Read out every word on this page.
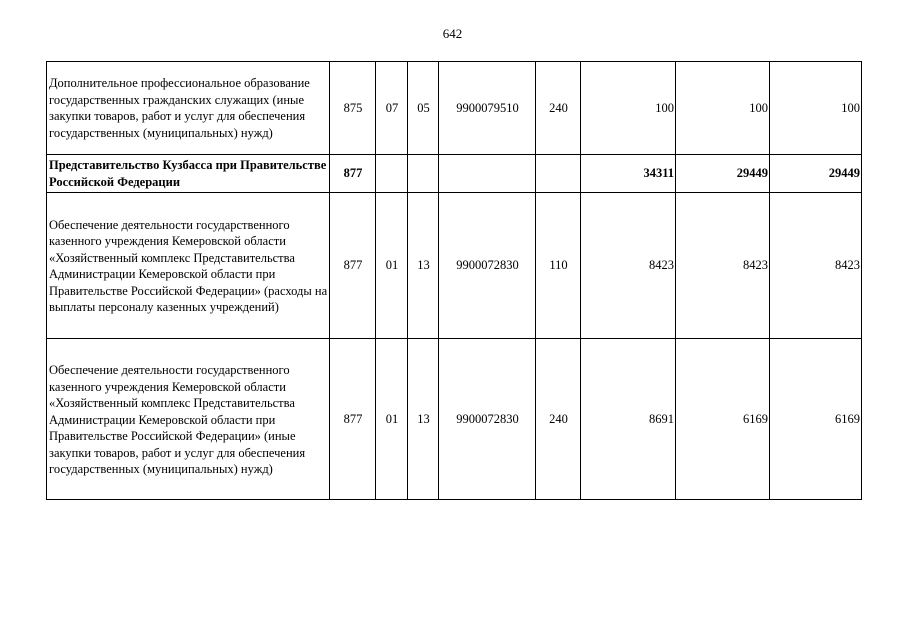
642
Дополнительное профессиональное образование государственных гражданских служащих (иные закупки товаров, работ и услуг для обеспечения государственных (муниципальных) нужд)	875	07	05	9900079510	240	100	100	100
Представительство Кузбасса при Правительстве Российской Федерации	877					34311	29449	29449
Обеспечение деятельности государственного казенного учреждения Кемеровской области «Хозяйственный комплекс Представительства Администрации Кемеровской области при Правительстве Российской Федерации» (расходы на выплаты персоналу казенных учреждений)	877	01	13	9900072830	110	8423	8423	8423
Обеспечение деятельности государственного казенного учреждения Кемеровской области «Хозяйственный комплекс Представительства Администрации Кемеровской области при Правительстве Российской Федерации» (иные закупки товаров, работ и услуг для обеспечения государственных (муниципальных) нужд)	877	01	13	9900072830	240	8691	6169	6169
